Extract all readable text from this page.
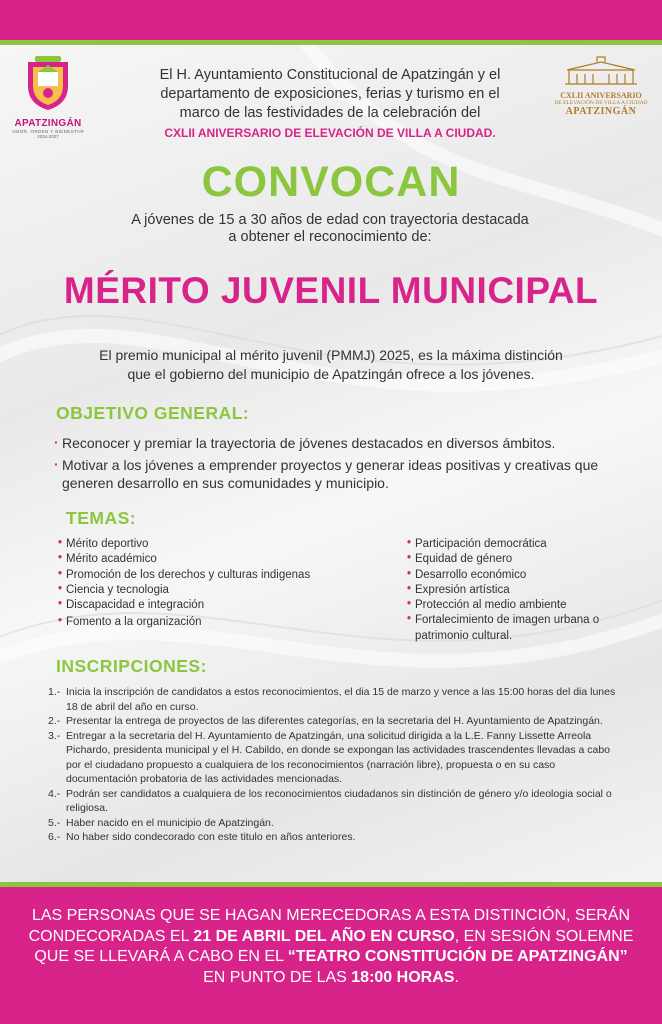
APATZINGÁN
AMOR, ORDEN Y BIENESTAR
2024-2027
CXLII ANIVERSARIO
DE ELEVACIÓN DE VILLA A CIUDAD
APATZINGÁN
El H. Ayuntamiento Constitucional de Apatzingán y el
departamento de exposiciones, ferias y turismo en el
marco de las festividades de la celebración del
CXLII ANIVERSARIO DE ELEVACIÓN DE VILLA A CIUDAD.
CONVOCAN
A jóvenes de 15 a 30 años de edad con trayectoria destacada
a obtener el reconocimiento de:
MÉRITO JUVENIL MUNICIPAL
El premio municipal al mérito juvenil (PMMJ) 2025, es la máxima distinción
que el gobierno del municipio de Apatzingán ofrece a los jóvenes.
OBJETIVO GENERAL:
· Reconocer y premiar la trayectoria de jóvenes destacados en diversos ámbitos.
· Motivar a los jóvenes a emprender proyectos y generar ideas positivas y creativas que generen desarrollo en sus comunidades y municipio.
TEMAS:
• Mérito deportivo
• Mérito académico
• Promoción de los derechos y culturas indigenas
• Ciencia y tecnologia
• Discapacidad e integración
• Fomento a la organización
• Participación democrática
• Equidad de género
• Desarrollo económico
• Expresión artística
• Protección al medio ambiente
• Fortalecimiento de imagen urbana o patrimonio cultural.
INSCRIPCIONES:
1.- Inicia la inscripción de candidatos a estos reconocimientos, el dia 15 de marzo y vence a las 15:00 horas del dia lunes 18 de abril del año en curso.
2.- Presentar la entrega de proyectos de las diferentes categorías, en la secretaria del H. Ayuntamiento de Apatzingán.
3.- Entregar a la secretaria del H. Ayuntamiento de Apatzingán, una solicitud dirigida a la L.E. Fanny Lissette Arreola Pichardo, presidenta municipal y el H. Cabildo, en donde se expongan las actividades trascendentes llevadas a cabo por el ciudadano propuesto a cualquiera de los reconocimientos (narración libre), propuesta o en su caso documentación probatoria de las actividades mencionadas.
4.- Podrán ser candidatos a cualquiera de los reconocimientos ciudadanos sin distinción de género y/o ideologia social o religiosa.
5.- Haber nacido en el municipio de Apatzingán.
6.- No haber sido condecorado con este titulo en años anteriores.
LAS PERSONAS QUE SE HAGAN MERECEDORAS A ESTA DISTINCIÓN, SERÁN CONDECORADAS EL 21 DE ABRIL DEL AÑO EN CURSO, EN SESIÓN SOLEMNE QUE SE LLEVARÁ A CABO EN EL “TEATRO CONSTITUCIÓN DE APATZINGÁN” EN PUNTO DE LAS 18:00 HORAS.
